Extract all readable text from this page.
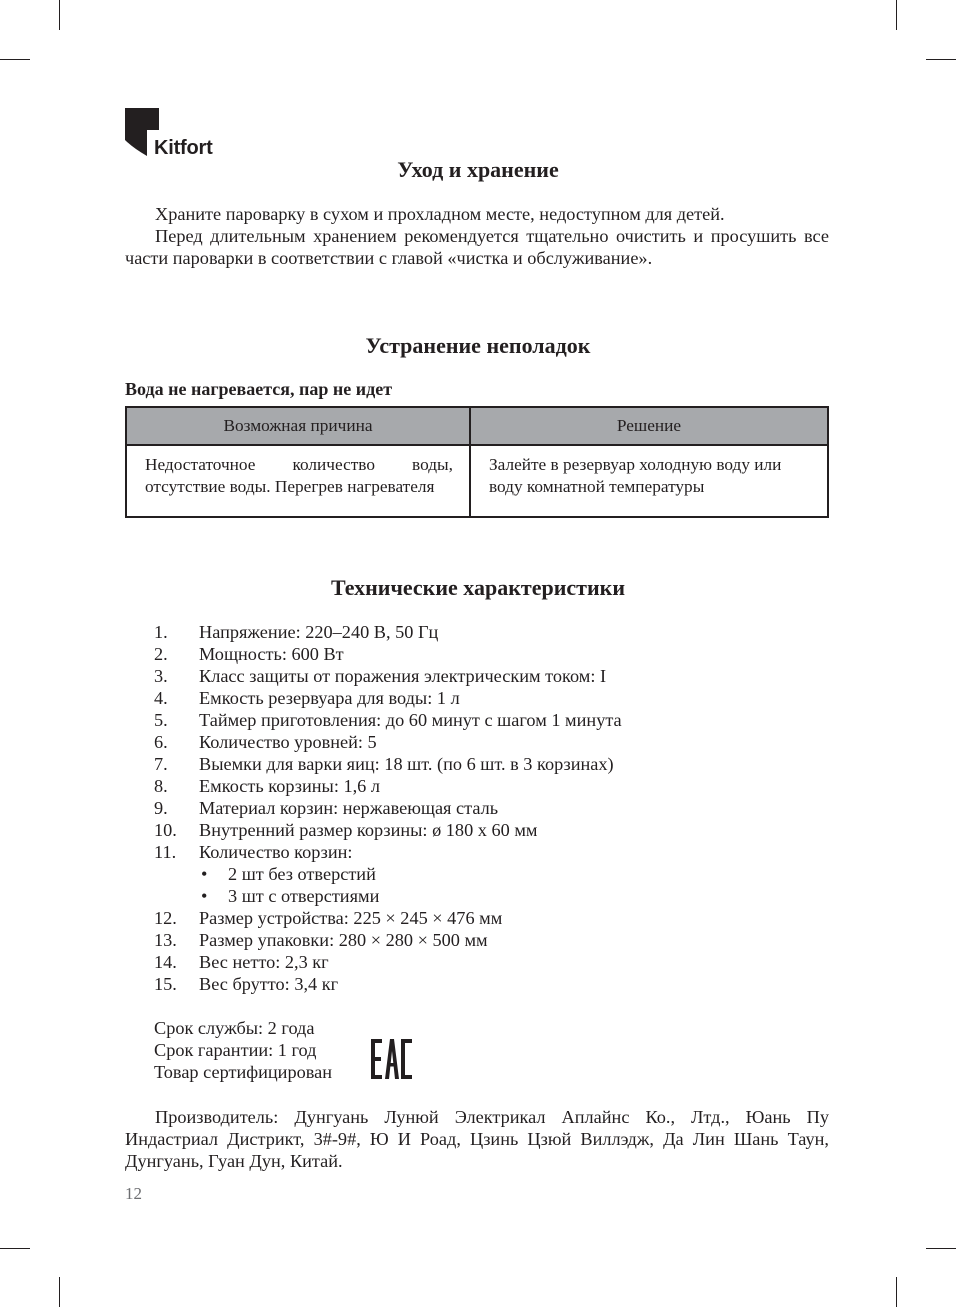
Kitfort
Уход и хранение
Храните пароварку в сухом и прохладном месте, недоступном для детей.
Перед длительным хранением рекомендуется тщательно очистить и просушить все части пароварки в соответствии с главой «чистка и обслуживание».
Устранение неполадок
Вода не нагревается, пар не идет
Возможная причина	Решение
Недостаточное количество воды, отсутствие воды. Перегрев нагревателя	Залейте в резервуар холодную воду или воду комнатной температуры
Технические характеристики
1. Напряжение: 220–240 В, 50 Гц
2. Мощность: 600 Вт
3. Класс защиты от поражения электрическим током: I
4. Емкость резервуара для воды: 1 л
5. Таймер приготовления: до 60 минут с шагом 1 минута
6. Количество уровней: 5
7. Выемки для варки яиц: 18 шт. (по 6 шт. в 3 корзинах)
8. Емкость корзины: 1,6 л
9. Материал корзин: нержавеющая сталь
10. Внутренний размер корзины: ø 180 х 60 мм
11. Количество корзин:
• 2 шт без отверстий
• 3 шт с отверстиями
12. Размер устройства: 225 × 245 × 476 мм
13. Размер упаковки: 280 × 280 × 500 мм
14. Вес нетто: 2,3 кг
15. Вес брутто: 3,4 кг
Срок службы: 2 года
Срок гарантии: 1 год
Товар сертифицирован
Производитель: Дунгуань Лунюй Электрикал Аплайнс Ко., Лтд., Юань Пу Индастриал Дистрикт, 3#-9#, Ю И Роад, Цзинь Цзюй Виллэдж, Да Лин Шань Таун, Дунгуань, Гуан Дун, Китай.
12
